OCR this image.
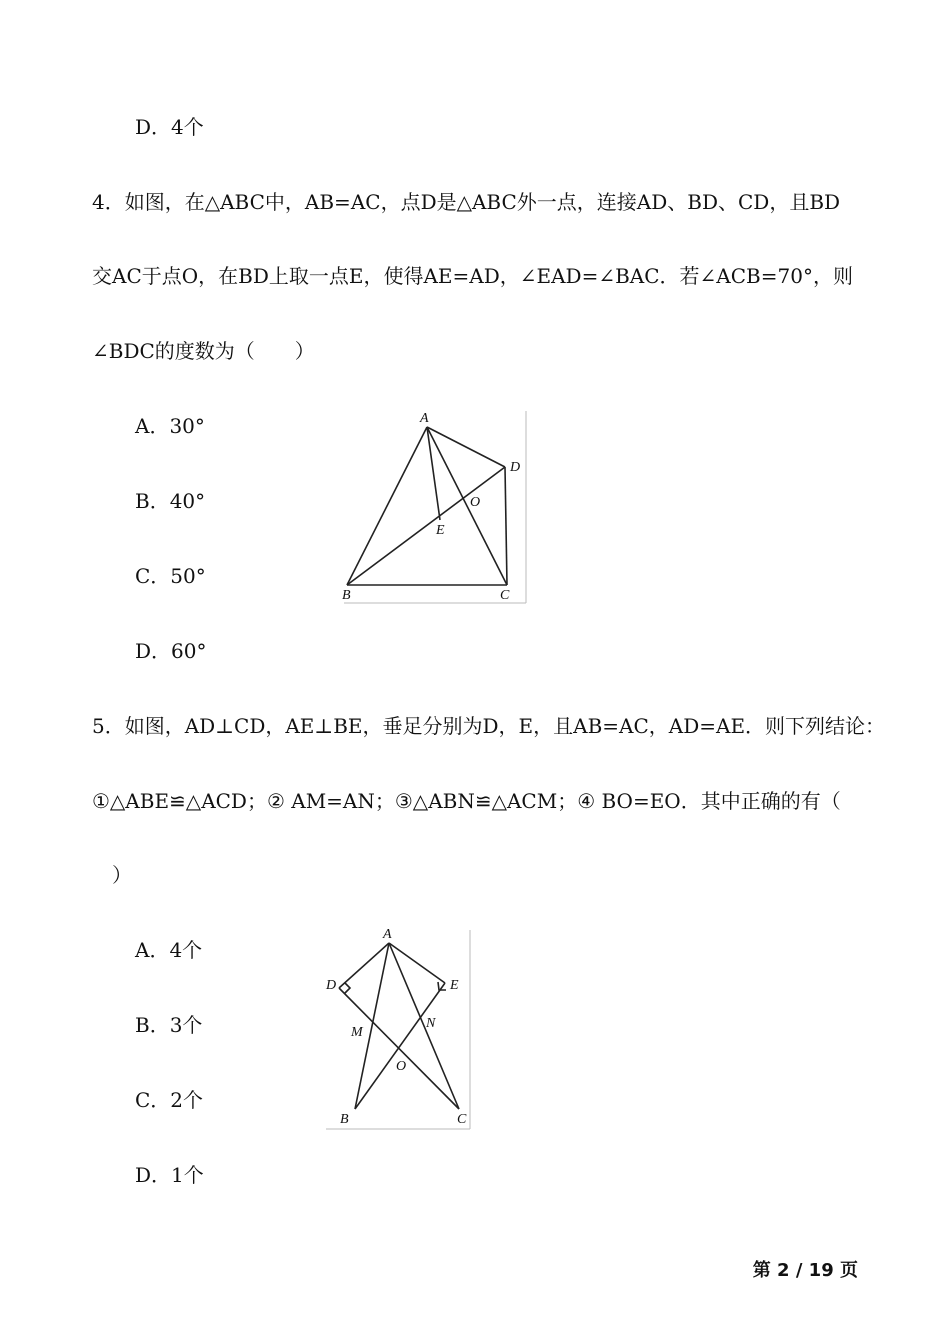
D．4个
4．如图，在△ABC中，AB=AC，点D是△ABC外一点，连接AD、BD、CD，且BD
交AC于点O，在BD上取一点E，使得AE=AD，∠EAD=∠BAC．若∠ACB=70°，则
∠BDC的度数为（　　）
A．30°
B．40°
C．50°
D．60°
A
D
O
E
B	C
5．如图，AD⊥CD，AE⊥BE，垂足分别为D，E，且AB=AC，AD=AE．则下列结论：
①△ABE≌△ACD；② AM=AN；③△ABN≌△ACM；④ BO=EO．其中正确的有（
）
A．4个
B．3个
C．2个
D．1个
A
D	E
M
N
O
B	C
第 2 / 19 页
